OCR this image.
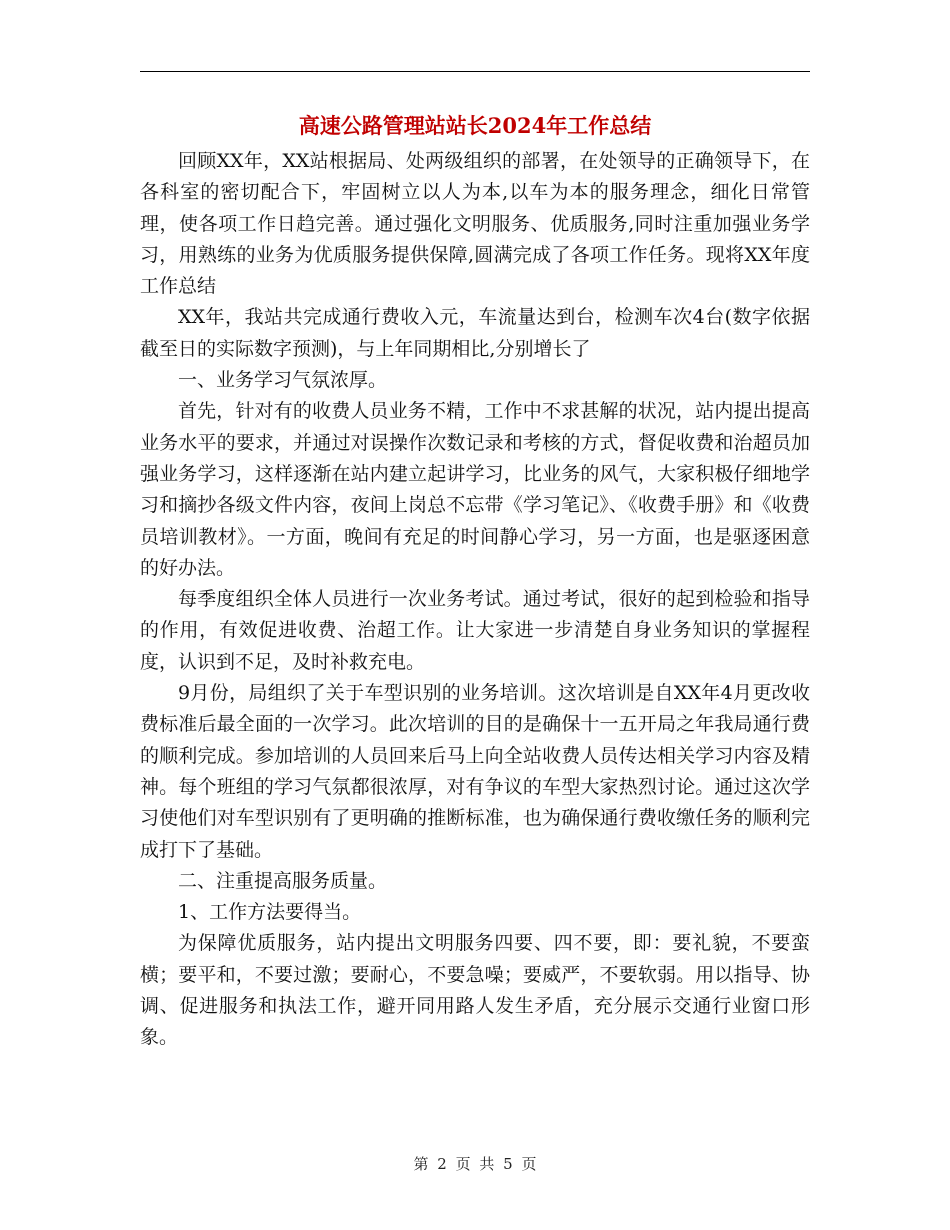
高速公路管理站站长2024年工作总结

回顾XX年，XX站根据局、处两级组织的部署，在处领导的正确领导下，在各科室的密切配合下，牢固树立以人为本,以车为本的服务理念，细化日常管理，使各项工作日趋完善。通过强化文明服务、优质服务,同时注重加强业务学习，用熟练的业务为优质服务提供保障,圆满完成了各项工作任务。现将XX年度工作总结

XX年，我站共完成通行费收入元，车流量达到台，检测车次4台(数字依据截至日的实际数字预测)，与上年同期相比,分别增长了

一、业务学习气氛浓厚。

首先，针对有的收费人员业务不精，工作中不求甚解的状况，站内提出提高业务水平的要求，并通过对误操作次数记录和考核的方式，督促收费和治超员加强业务学习，这样逐渐在站内建立起讲学习，比业务的风气，大家积极仔细地学习和摘抄各级文件内容，夜间上岗总不忘带《学习笔记》、《收费手册》和《收费员培训教材》。一方面，晚间有充足的时间静心学习，另一方面，也是驱逐困意的好办法。

每季度组织全体人员进行一次业务考试。通过考试，很好的起到检验和指导的作用，有效促进收费、治超工作。让大家进一步清楚自身业务知识的掌握程度，认识到不足，及时补救充电。

9月份，局组织了关于车型识别的业务培训。这次培训是自XX年4月更改收费标准后最全面的一次学习。此次培训的目的是确保十一五开局之年我局通行费的顺利完成。参加培训的人员回来后马上向全站收费人员传达相关学习内容及精神。每个班组的学习气氛都很浓厚，对有争议的车型大家热烈讨论。通过这次学习使他们对车型识别有了更明确的推断标准，也为确保通行费收缴任务的顺利完成打下了基础。

二、注重提高服务质量。

1、工作方法要得当。

为保障优质服务，站内提出文明服务四要、四不要，即：要礼貌，不要蛮横；要平和，不要过激；要耐心，不要急噪；要威严，不要软弱。用以指导、协调、促进服务和执法工作，避开同用路人发生矛盾，充分展示交通行业窗口形象。

第 2 页 共 5 页
